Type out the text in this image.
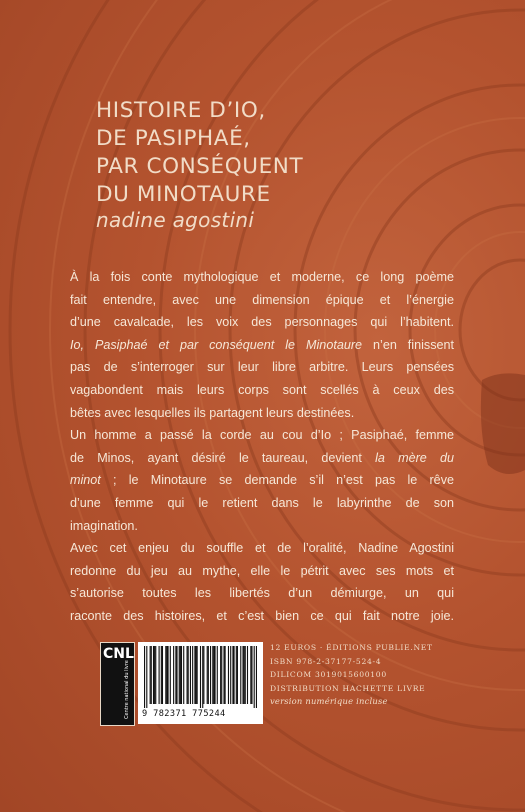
HISTOIRE D’IO,
DE PASIPHAÉ,
PAR CONSÉQUENT
DU MINOTAURE
nadine agostini

À la fois conte mythologique et moderne, ce long poème
fait entendre, avec une dimension épique et l’énergie
d’une cavalcade, les voix des personnages qui l’habitent.
Io, Pasiphaé et par conséquent le Minotaure n’en finissent
pas de s’interroger sur leur libre arbitre. Leurs pensées
vagabondent mais leurs corps sont scellés à ceux des
bêtes avec lesquelles ils partagent leurs destinées.

Un homme a passé la corde au cou d’Io ; Pasiphaé, femme
de Minos, ayant désiré le taureau, devient la mère du
minot ; le Minotaure se demande s’il n’est pas le rêve
d’une femme qui le retient dans le labyrinthe de son
imagination.

Avec cet enjeu du souffle et de l’oralité, Nadine Agostini
redonne du jeu au mythe, elle le pétrit avec ses mots et
s’autorise toutes les libertés d’un démiurge, un qui
raconte des histoires, et c’est bien ce qui fait notre joie.

CNL
Centre national du livre	9 782371 775244
12 EUROS · ÉDITIONS PUBLIE.NET
ISBN 978-2-37177-524-4
DILICOM 3019015600100
DISTRIBUTION HACHETTE LIVRE
version numérique incluse
